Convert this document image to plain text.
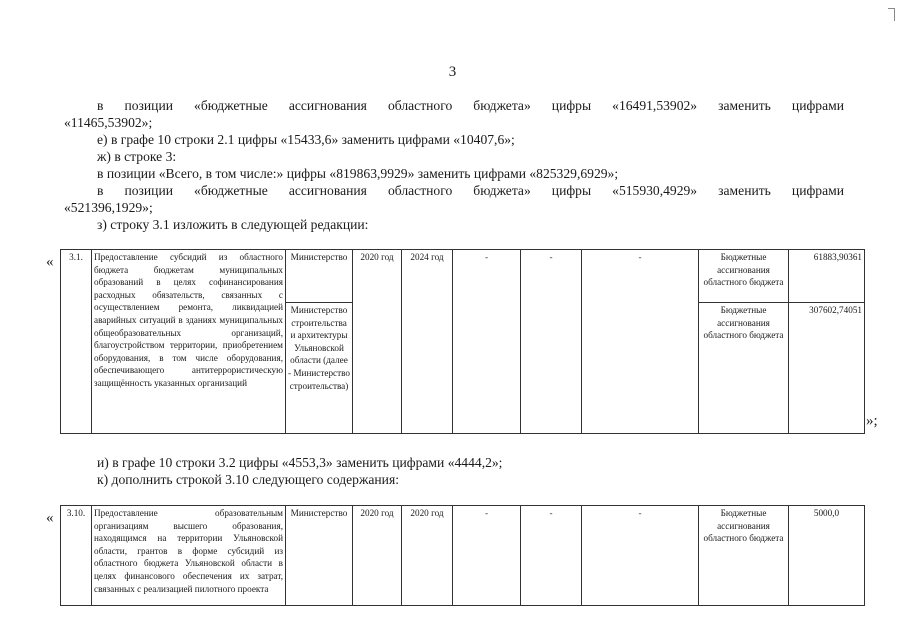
3
в позиции «бюджетные ассигнования областного бюджета» цифры «16491,53902» заменить цифрами
«11465,53902»;
е) в графе 10 строки 2.1 цифры «15433,6» заменить цифрами «10407,6»;
ж) в строке 3:
в позиции «Всего, в том числе:» цифры «819863,9929» заменить цифрами «825329,6929»;
в позиции «бюджетные ассигнования областного бюджета» цифры «515930,4929» заменить цифрами
«521396,1929»;
з) строку 3.1 изложить в следующей редакции:
« 3.1.	Предоставление субсидий из областного бюджета бюджетам муниципальных образований в целях софинансирования расходных обязательств, связанных с осуществлением ремонта, ликвидацией аварийных ситуаций в зданиях муниципальных общеобразовательных организаций, благоустройством территории, приобретением оборудования, в том числе оборудования, обеспечивающего антитеррористическую защищённость указанных организаций	Министерство	2020 год	2024 год	-	-	-	Бюджетные ассигнования областного бюджета	61883,90361
		Министерство строительства и архитектуры Ульяновской области (далее - Министерство строительства)						Бюджетные ассигнования областного бюджета	307602,74051
»;
и) в графе 10 строки 3.2 цифры «4553,3» заменить цифрами «4444,2»;
к) дополнить строкой 3.10 следующего содержания:
« 3.10.	Предоставление образовательным организациям высшего образования, находящимся на территории Ульяновской области, грантов в форме субсидий из областного бюджета Ульяновской области в целях финансового обеспечения их затрат, связанных с реализацией пилотного проекта	Министерство	2020 год	2020 год	-	-	-	Бюджетные ассигнования областного бюджета	5000,0
